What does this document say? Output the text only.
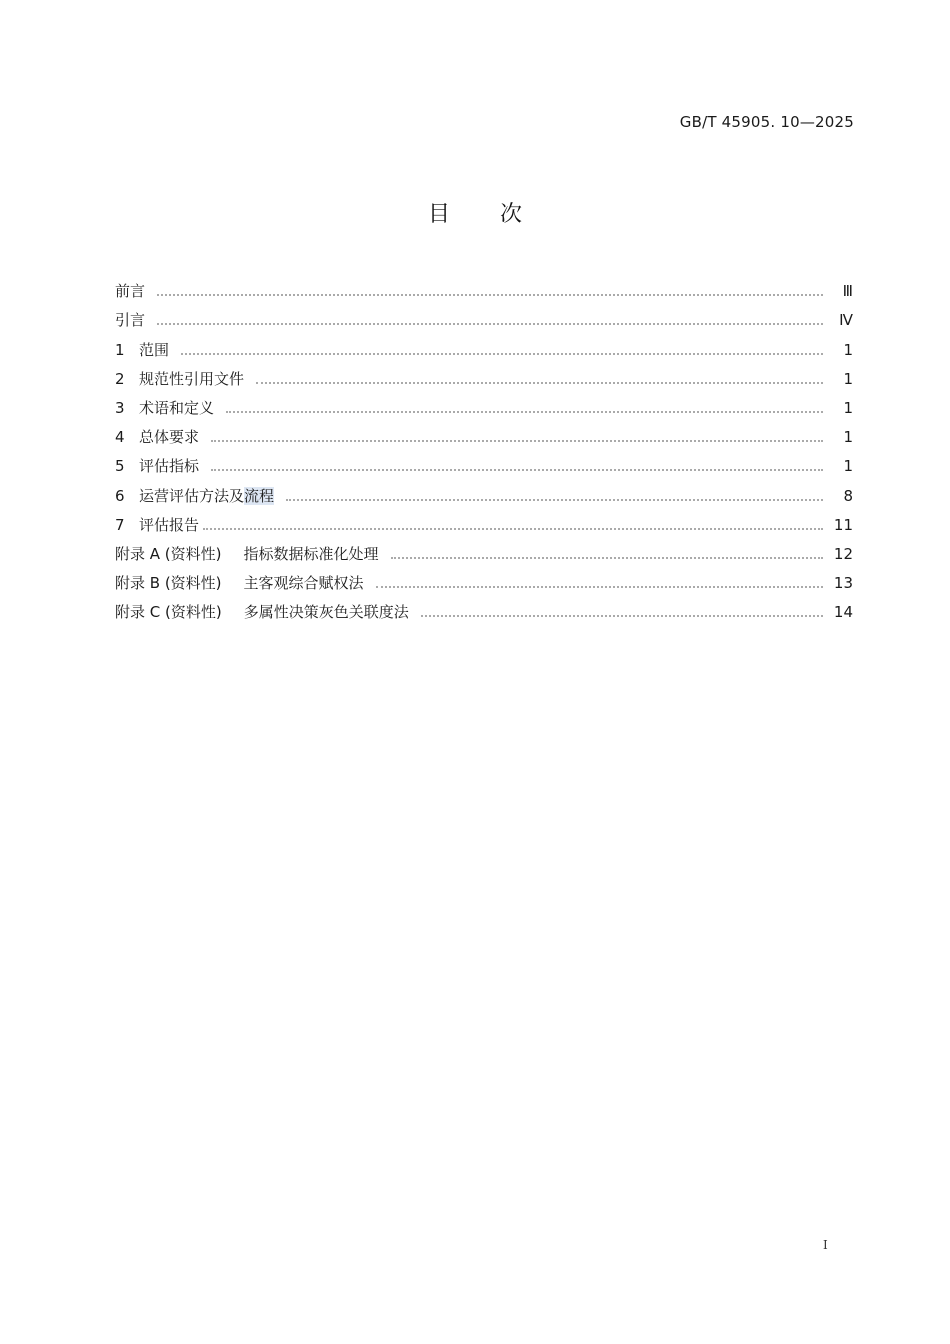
GB/T 45905. 10—2025
目 次
前言	Ⅲ
引言	Ⅳ
1 范围	1
2 规范性引用文件	1
3 术语和定义	1
4 总体要求	1
5 评估指标	1
6 运营评估方法及流程	8
7 评估报告	11
附录 A (资料性) 指标数据标准化处理	12
附录 B (资料性) 主客观综合赋权法	13
附录 C (资料性) 多属性决策灰色关联度法	14
I
